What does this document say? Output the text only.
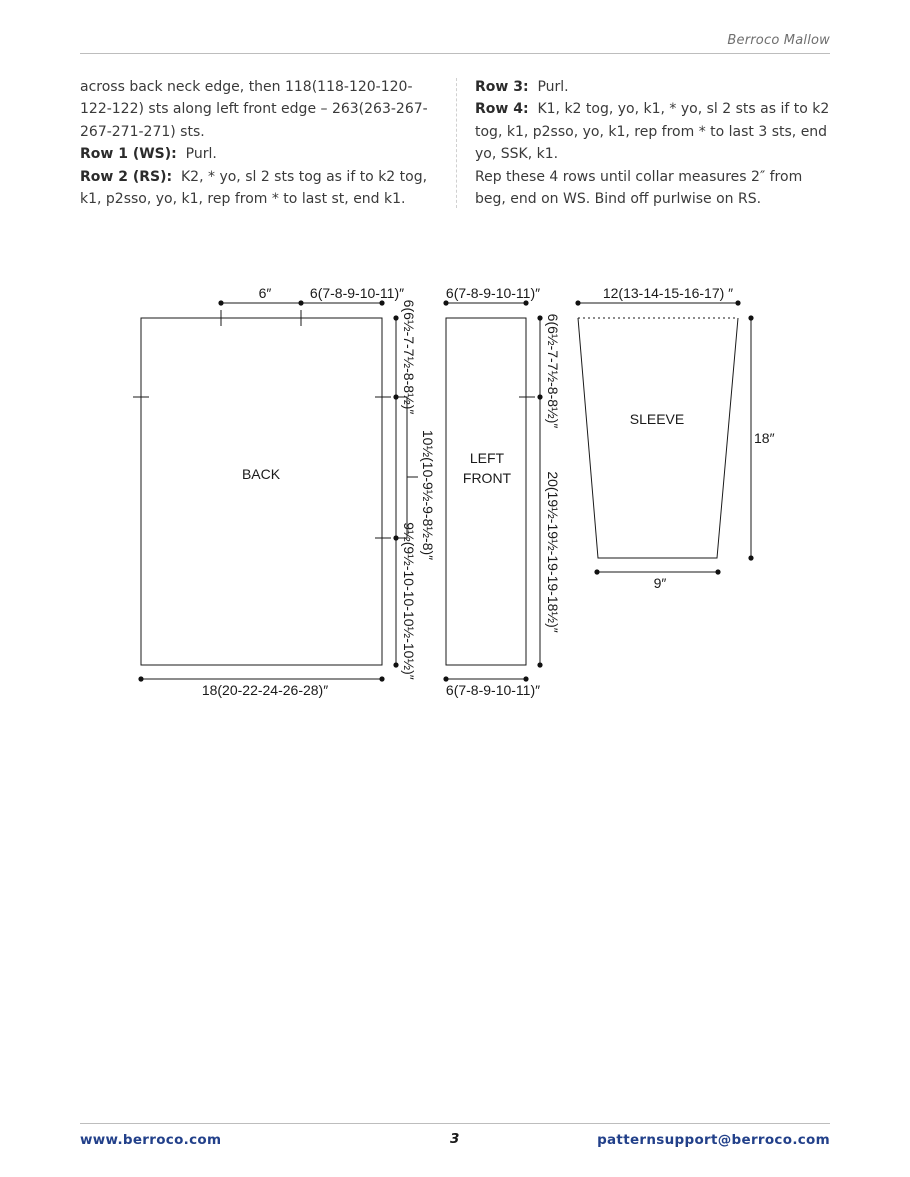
Berroco Mallow

across back neck edge, then 118(118-120-120-122-122) sts along left front edge – 263(263-267-267-271-271) sts.

Row 1 (WS): Purl.

Row 2 (RS): K2, * yo, sl 2 sts tog as if to k2 tog, k1, p2sso, yo, k1, rep from * to last st, end k1.

Row 3: Purl.

Row 4: K1, k2 tog, yo, k1, * yo, sl 2 sts as if to k2 tog, k1, p2sso, yo, k1, rep from * to last 3 sts, end yo, SSK, k1.

Rep these 4 rows until collar measures 2″ from beg, end on WS. Bind off purlwise on RS.

BACK
6″	6(7-8-9-10-11)″
18(20-22-24-26-28)″
6(6½-7-7½-8-8½)″
9½(9½-10-10-10½-10½)″
10½(10-9½-9-8½-8)″ LEFT
FRONT
6(7-8-9-10-11)″
6(7-8-9-10-11)″
6(6½-7-7½-8-8½)″
20(19½-19½-19-19-18½)″
SLEEVE
12(13-14-15-16-17) ″
18″
9″
www.berroco.com	3	patternsupport@berroco.com
